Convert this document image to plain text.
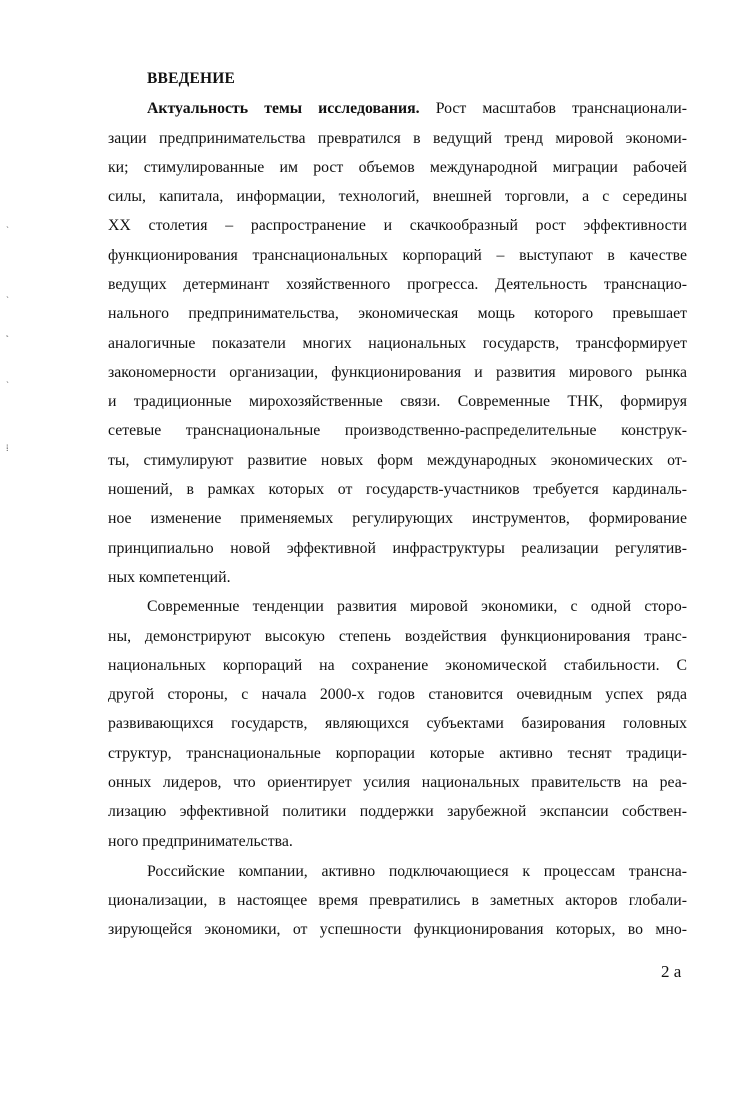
ВВЕДЕНИЕ
Актуальность темы исследования. Рост масштабов транснационали-
зации предпринимательства превратился в ведущий тренд мировой экономи-
ки; стимулированные им рост объемов международной миграции рабочей
силы, капитала, информации, технологий, внешней торговли, а с середины
XX столетия – распространение и скачкообразный рост эффективности
функционирования транснациональных корпораций – выступают в качестве
ведущих детерминант хозяйственного прогресса. Деятельность транснацио-
нального предпринимательства, экономическая мощь которого превышает
аналогичные показатели многих национальных государств, трансформирует
закономерности организации, функционирования и развития мирового рынка
и традиционные мирохозяйственные связи. Современные ТНК, формируя
сетевые транснациональные производственно-распределительные конструк-
ты, стимулируют развитие новых форм международных экономических от-
ношений, в рамках которых от государств-участников требуется кардиналь-
ное изменение применяемых регулирующих инструментов, формирование
принципиально новой эффективной инфраструктуры реализации регулятив-
ных компетенций.
Современные тенденции развития мировой экономики, с одной сторо-
ны, демонстрируют высокую степень воздействия функционирования транс-
национальных корпораций на сохранение экономической стабильности. С
другой стороны, с начала 2000-х годов становится очевидным успех ряда
развивающихся государств, являющихся субъектами базирования головных
структур, транснациональные корпорации которые активно теснят традици-
онных лидеров, что ориентирует усилия национальных правительств на реа-
лизацию эффективной политики поддержки зарубежной экспансии собствен-
ного предпринимательства.
Российские компании, активно подключающиеся к процессам трансна-
ционализации, в настоящее время превратились в заметных акторов глобали-
зирующейся экономики, от успешности функционирования которых, во мно-
2 а
ˎ
ˏ
˛
ˏ
⁞
